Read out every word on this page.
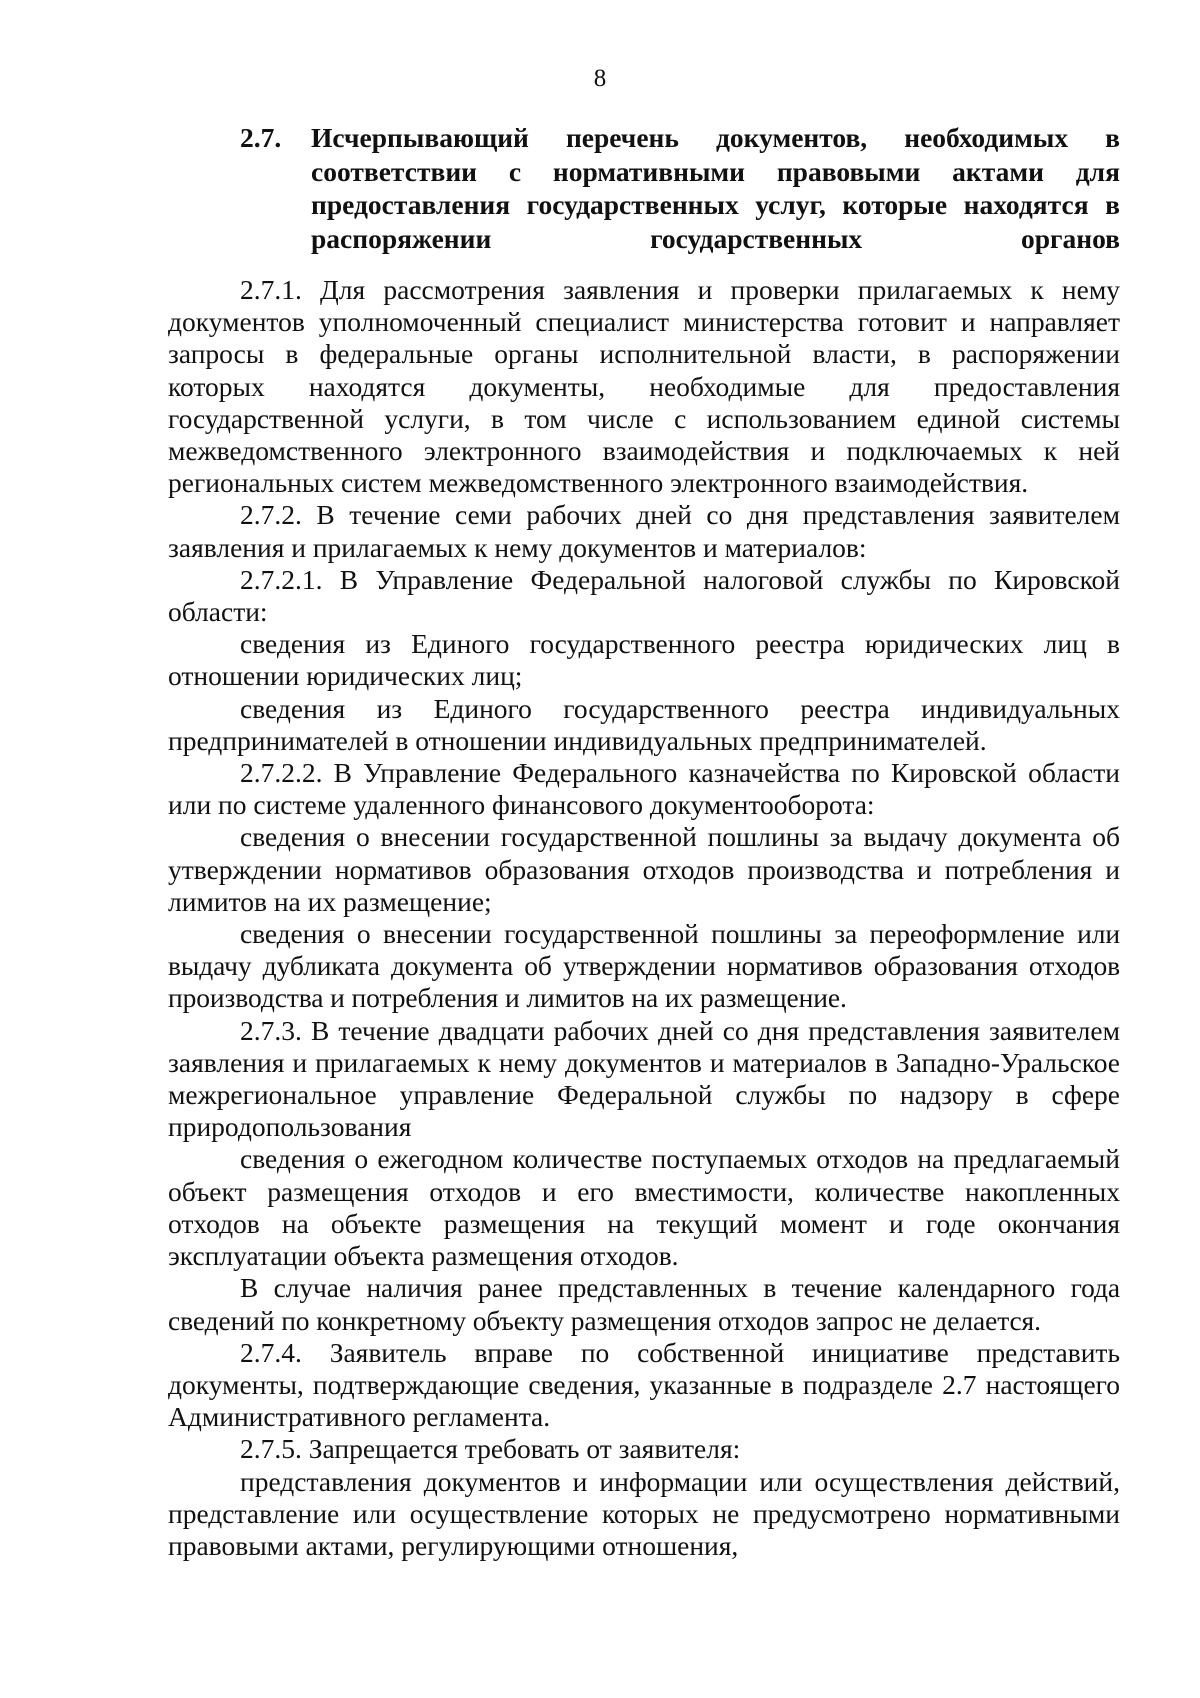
8
2.7. Исчерпывающий перечень документов, необходимых в соответствии с нормативными правовыми актами для предоставления государственных услуг, которые находятся в распоряжении государственных органов

2.7.1. Для рассмотрения заявления и проверки прилагаемых к нему документов уполномоченный специалист министерства готовит и направляет запросы в федеральные органы исполнительной власти, в распоряжении которых находятся документы, необходимые для предоставления государственной услуги, в том числе с использованием единой системы межведомственного электронного взаимодействия и подключаемых к ней региональных систем межведомственного электронного взаимодействия.

2.7.2. В течение семи рабочих дней со дня представления заявителем заявления и прилагаемых к нему документов и материалов:

2.7.2.1. В Управление Федеральной налоговой службы по Кировской области:

сведения из Единого государственного реестра юридических лиц в отношении юридических лиц;

сведения из Единого государственного реестра индивидуальных предпринимателей в отношении индивидуальных предпринимателей.

2.7.2.2. В Управление Федерального казначейства по Кировской области или по системе удаленного финансового документооборота:

сведения о внесении государственной пошлины за выдачу документа об утверждении нормативов образования отходов производства и потребления и лимитов на их размещение;

сведения о внесении государственной пошлины за переоформление или выдачу дубликата документа об утверждении нормативов образования отходов производства и потребления и лимитов на их размещение.

2.7.3. В течение двадцати рабочих дней со дня представления заявителем заявления и прилагаемых к нему документов и материалов в Западно-Уральское межрегиональное управление Федеральной службы по надзору в сфере природопользования

сведения о ежегодном количестве поступаемых отходов на предлагаемый объект размещения отходов и его вместимости, количестве накопленных отходов на объекте размещения на текущий момент и годе окончания эксплуатации объекта размещения отходов.

В случае наличия ранее представленных в течение календарного года сведений по конкретному объекту размещения отходов запрос не делается.

2.7.4. Заявитель вправе по собственной инициативе представить документы, подтверждающие сведения, указанные в подразделе 2.7 настоящего Административного регламента.

2.7.5. Запрещается требовать от заявителя:

представления документов и информации или осуществления действий, представление или осуществление которых не предусмотрено нормативными правовыми актами, регулирующими отношения,
